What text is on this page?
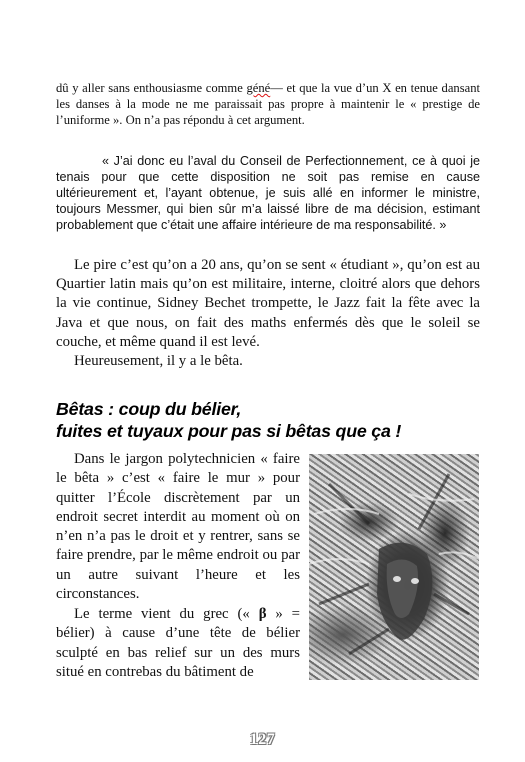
dû y aller sans enthousiasme comme géné— et que la vue d’un X en tenue dansant les danses à la mode ne me paraissait pas propre à maintenir le « prestige de l’uniforme ». On n’a pas répondu à cet argument.

« J’ai donc eu l’aval du Conseil de Perfectionnement, ce à quoi je tenais pour que cette disposition ne soit pas remise en cause ultérieurement et, l’ayant obtenue, je suis allé en informer le ministre, toujours Messmer, qui bien sûr m’a laissé libre de ma décision, estimant probablement que c’était une affaire intérieure de ma responsabilité. »

Le pire c’est qu’on a 20 ans, qu’on se sent « étudiant », qu’on est au Quartier latin mais qu’on est militaire, interne, cloitré alors que dehors la vie continue, Sidney Bechet trompette, le Jazz fait la fête avec la Java et que nous, on fait des maths enfermés dès que le soleil se couche, et même quand il est levé.

Heureusement, il y a le bêta.

Bêtas : coup du bélier,
fuites et tuyaux pour pas si bêtas que ça !

Dans le jargon polytechnicien « faire le bêta » c’est « faire le mur » pour quitter l’École discrètement par un endroit secret interdit au moment où on n’en n’a pas le droit et y rentrer, sans se faire prendre, par le même endroit ou par un autre suivant l’heure et les circonstances.

Le terme vient du grec (« β » = bélier) à cause d’une tête de bélier sculpté en bas relief sur un des murs situé en contrebas du bâtiment de

127
